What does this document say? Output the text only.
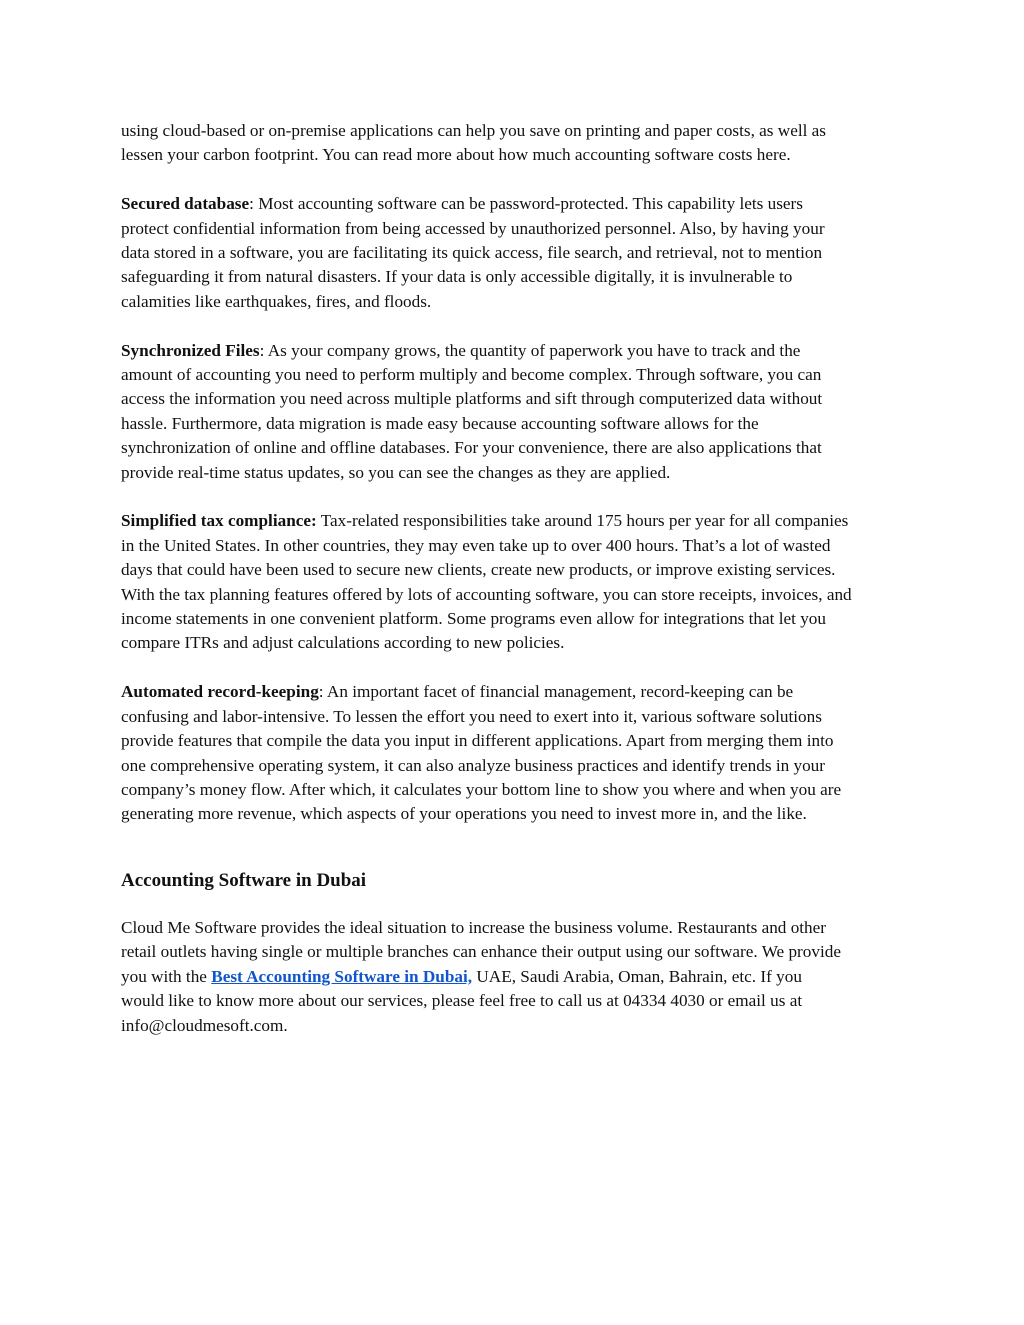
using cloud-based or on-premise applications can help you save on printing and paper costs, as well as
lessen your carbon footprint. You can read more about how much accounting software costs here.

Secured database: Most accounting software can be password-protected. This capability lets users
protect confidential information from being accessed by unauthorized personnel. Also, by having your
data stored in a software, you are facilitating its quick access, file search, and retrieval, not to mention
safeguarding it from natural disasters. If your data is only accessible digitally, it is invulnerable to
calamities like earthquakes, fires, and floods.

Synchronized Files: As your company grows, the quantity of paperwork you have to track and the
amount of accounting you need to perform multiply and become complex. Through software, you can
access the information you need across multiple platforms and sift through computerized data without
hassle. Furthermore, data migration is made easy because accounting software allows for the
synchronization of online and offline databases. For your convenience, there are also applications that
provide real-time status updates, so you can see the changes as they are applied.

Simplified tax compliance: Tax-related responsibilities take around 175 hours per year for all companies
in the United States. In other countries, they may even take up to over 400 hours. That’s a lot of wasted
days that could have been used to secure new clients, create new products, or improve existing services.
With the tax planning features offered by lots of accounting software, you can store receipts, invoices, and
income statements in one convenient platform. Some programs even allow for integrations that let you
compare ITRs and adjust calculations according to new policies.

Automated record-keeping: An important facet of financial management, record-keeping can be
confusing and labor-intensive. To lessen the effort you need to exert into it, various software solutions
provide features that compile the data you input in different applications. Apart from merging them into
one comprehensive operating system, it can also analyze business practices and identify trends in your
company’s money flow. After which, it calculates your bottom line to show you where and when you are
generating more revenue, which aspects of your operations you need to invest more in, and the like.

Accounting Software in Dubai

Cloud Me Software provides the ideal situation to increase the business volume. Restaurants and other
retail outlets having single or multiple branches can enhance their output using our software. We provide
you with the Best Accounting Software in Dubai, UAE, Saudi Arabia, Oman, Bahrain, etc. If you
would like to know more about our services, please feel free to call us at 04334 4030 or email us at
info@cloudmesoft.com.
